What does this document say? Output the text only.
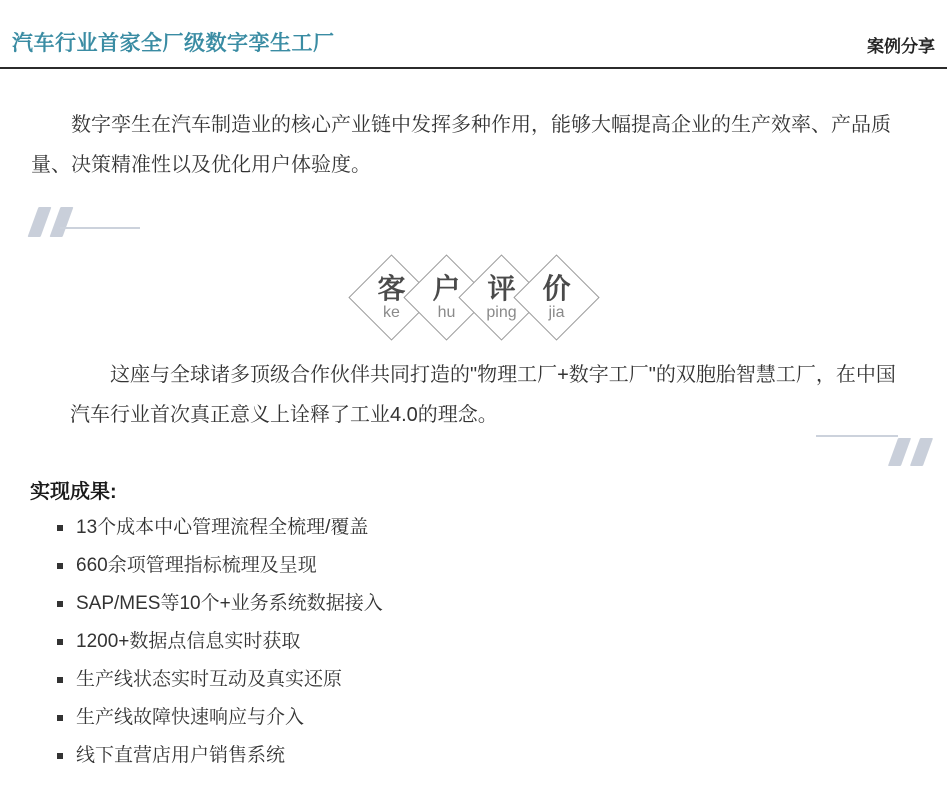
汽车行业首家全厂级数字孪生工厂	案例分享

数字孪生在汽车制造业的核心产业链中发挥多种作用，能够大幅提高企业的生产效率、产品质量、决策精准性以及优化用户体验度。

客
ke
户
hu
评
ping
价
jia

这座与全球诸多顶级合作伙伴共同打造的"物理工厂+数字工厂"的双胞胎智慧工厂，在中国汽车行业首次真正意义上诠释了工业4.0的理念。

实现成果:
13个成本中心管理流程全梳理/覆盖
660余项管理指标梳理及呈现
SAP/MES等10个+业务系统数据接入
1200+数据点信息实时获取
生产线状态实时互动及真实还原
生产线故障快速响应与介入
线下直营店用户销售系统
